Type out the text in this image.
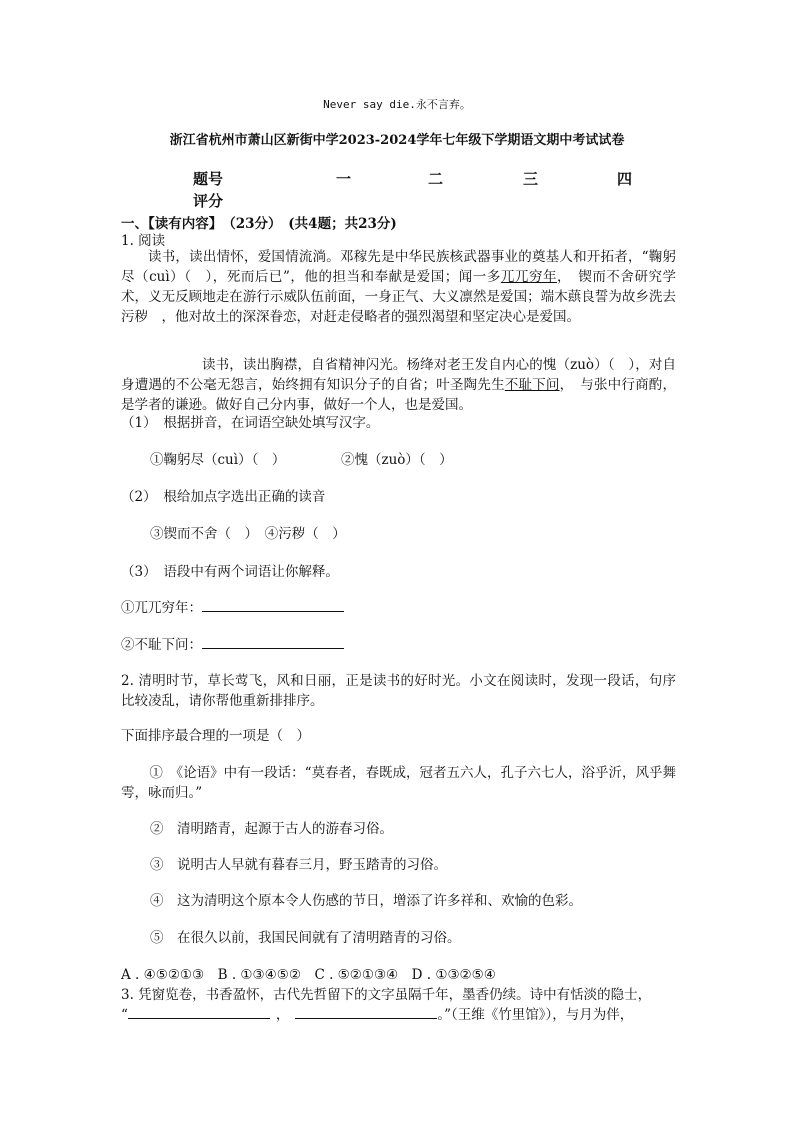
Never say die.永不言弃。
浙江省杭州市萧山区新街中学2023-2024学年七年级下学期语文期中考试试卷
题号	一	二	三	四
评分
一、【读有内容】　（23分）　(共4题；共23分)
1. 阅读
读书，读出情怀，爱国情流淌。邓稼先是中华民族核武器事业的奠基人和开拓者，“鞠躬尽（cuì）（　），死而后已”，他的担当和奉献是爱国；闻一多兀兀穷年，　锲而不舍研究学术，义无反顾地走在游行示威队伍前面，一身正气、大义凛然是爱国；端木蕻良誓为故乡洗去污秽　，他对故土的深深眷恋，对赶走侵略者的强烈渴望和坚定决心是爱国。
读书，读出胸襟，自省精神闪光。杨绛对老王发自内心的愧（zuò）（　），对自身遭遇的不公毫无怨言，始终拥有知识分子的自省；叶圣陶先生不耻下问，　与张中行商酌，是学者的谦逊。做好自己分内事，做好一个人，也是爱国。
（1）　根据拼音，在词语空缺处填写汉字。
①鞠躬尽（cuì）（　）	②愧（zuò）（　）
（2）　根给加点字选出正确的读音
③锲而不舍（　）　④污秽（　）
（3）　语段中有两个词语让你解释。
①兀兀穷年：
②不耻下问：
2. 清明时节，草长莺飞，风和日丽，正是读书的好时光。小文在阅读时，发现一段话，句序比较凌乱，请你帮他重新排排序。
下面排序最合理的一项是（　）
①　《论语》中有一段话：“莫春者，春既成，冠者五六人，孔子六七人，浴乎沂，风乎舞雩，咏而归。”
②　清明踏青，起源于古人的游春习俗。
③　说明古人早就有暮春三月，野玉踏青的习俗。
④　这为清明这个原本令人伤感的节日，增添了许多祥和、欢愉的色彩。
⑤　在很久以前，我国民间就有了清明踏青的习俗。
A . ④⑤②①③　B . ①③④⑤②　C . ⑤②①③④　D . ①③②⑤④
3. 凭窗览卷，书香盈怀，古代先哲留下的文字虽隔千年，墨香仍续。诗中有恬淡的隐士，
“	，	。”（王维《竹里馆》），与月为伴，
